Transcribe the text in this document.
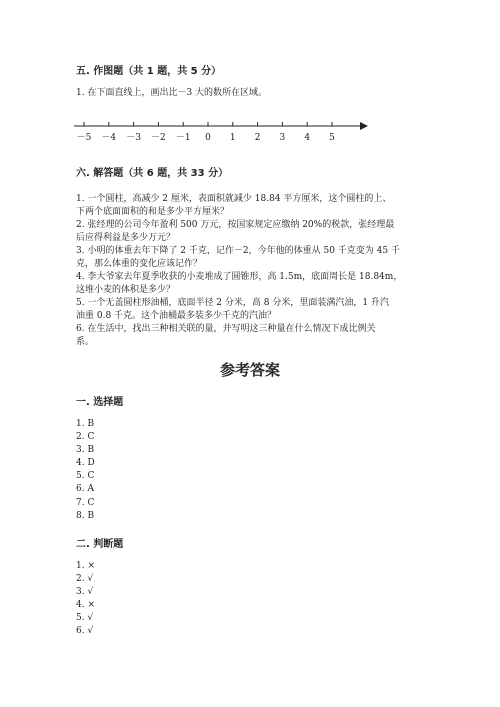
五. 作图题（共 1 题，共 5 分）
1. 在下面直线上，画出比－3 大的数所在区域。
－5 －4 －3 －2 －1 0 1 2 3 4 5
六. 解答题（共 6 题，共 33 分）
1. 一个圆柱，高减少 2 厘米，表面积就减少 18.84 平方厘米，这个圆柱的上、
下两个底面面积的和是多少平方厘米？
2. 张经理的公司今年盈利 500 万元，按国家规定应缴纳 20%的税款，张经理最
后应得利益是多少万元？
3. 小明的体重去年下降了 2 千克，记作－2，今年他的体重从 50 千克变为 45 千
克，那么体重的变化应该记作？
4. 李大爷家去年夏季收获的小麦堆成了圆锥形，高 1.5m，底面周长是 18.84m，
这堆小麦的体积是多少？
5. 一个无盖圆柱形油桶，底面半径 2 分米，高 8 分米，里面装满汽油，1 升汽
油重 0.8 千克。这个油桶最多装多少千克的汽油？
6. 在生活中，找出三种相关联的量，并写明这三种量在什么情况下成比例关
系。
参考答案
一. 选择题
1. B
2. C
3. B
4. D
5. C
6. A
7. C
8. B
二. 判断题
1. ×
2. √
3. √
4. ×
5. √
6. √
